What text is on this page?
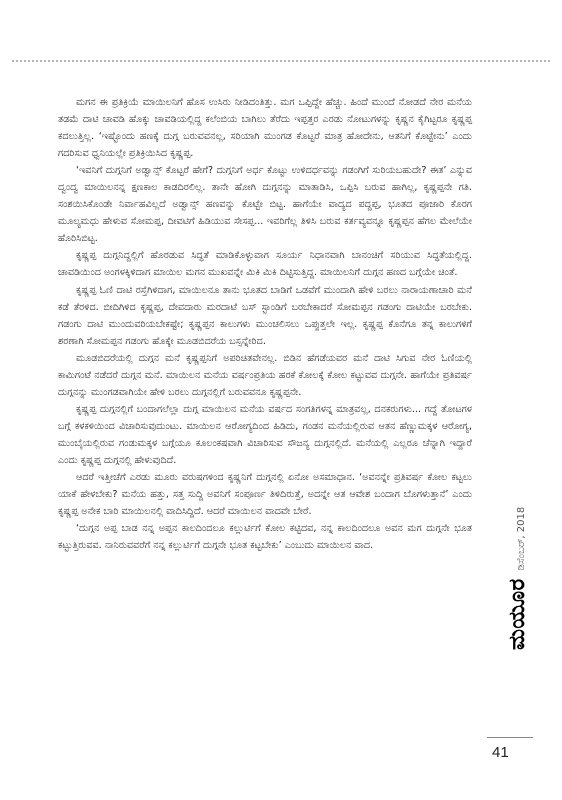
ಮಗನ ಈ ಪ್ರತಿಕ್ರಿಯೆ ಮಾಯಿಲನಿಗೆ ಹೊಸ ಉಸಿರು ನೀಡಿದಂತಿತ್ತು. ಮಗ ಒಪ್ಪಿದ್ದೇ ಹೆಚ್ಚು. ಹಿಂದೆ ಮುಂದೆ ನೋಡದೆ ನೇರ ಮನೆಯ ತಡಮೆ ದಾಟಿ ಚಾವಡಿ ಹೊಕ್ಕು ಚಾವಡಿಯಲ್ಲಿದ್ದ ಕಲೆಂಬಿಯ ಬಾಗಿಲು ತೆರೆದು ಇಪ್ಪತ್ತರ ಎರಡು ನೋಟುಗಳನ್ನು ಕೃಷ್ಣನ ಕೈಗಿಟ್ಟರೂ ಕೃಷ್ಣಪ್ಪ ಕದಲುತ್ತಿಲ್ಲ. ‘ಇಷ್ಟೊಂದು ಹಣಕ್ಕೆ ದುಗ್ಗ ಬರುವವನಲ್ಲ, ಸರಿಯಾಗಿ ಮುಂಗಡ ಕೊಟ್ಟರೆ ಮಾತ್ರ ಹೋದೇನು, ಆತನಿಗೆ ಕೊಟ್ಟೇನು’ ಎಂದು ಗದರಿಸುವ ಧ್ವನಿಯಲ್ಲೇ ಪ್ರತಿಕ್ರಿಯಿಸಿದ ಕೃಷ್ಣಪ್ಪ.

‘ಇವನಿಗೆ ದುಗ್ಗನಿಗೆ ಅಡ್ವಾನ್ಸ್ ಕೊಟ್ಟರೆ ಹೇಗೆ? ದುಗ್ಗನಿಗೆ ಅರ್ಧ ಕೊಟ್ಟು ಉಳಿದರ್ಧವನ್ನು ಗಡಂಗಿಗೆ ಸುರಿಯಬಹುದೇ? ಈತ’ ಎನ್ನುವ ದ್ವಂದ್ವ ಮಾಯಿಲನನ್ನ ಕ್ಷಣಕಾಲ ಕಾಡದಿರಲಿಲ್ಲ. ತಾನೇ ಹೋಗಿ ದುಗ್ಗನನ್ನು ಮಾತಾಡಿಸಿ, ಒಪ್ಪಿಸಿ ಬರುವ ಹಾಗಿಲ್ಲ, ಕೃಷ್ಣಪ್ಪನೇ ಗತಿ. ಸಂಶಯಿಸಿಕೊಂಡೇ ನಿರ್ವಾಹವಿಲ್ಲದೆ ಅಡ್ವಾನ್ಸ್ ಹಣವನ್ನು ಕೊಟ್ಟೇ ಬಿಟ್ಟ. ಹಾಗೆಯೇ ವಾದ್ಯದ ಪದ್ದಪ್ಪ, ಭೂತದ ಪೂಜಾರಿ ಕೊರಗ ಮೂಲ್ಯಮಧು ಹೇಳುವ ಸೋಮಪ್ಪ, ದೀವಟಿಗೆ ಹಿಡಿಯುವ ಸೇಸಪ್ಪ... ಇವರಿಗೆಲ್ಲ ತಿಳಿಸಿ ಬರುವ ಕರ್ತವ್ಯವನ್ನೂ ಕೃಷ್ಣಪ್ಪನ ಹೆಗಲ ಮೇಲೆಯೇ ಹೊರಿಸಿಬಿಟ್ಟ.

ಕೃಷ್ಣಪ್ಪ ದುಗ್ಗನಿದ್ದಲ್ಲಿಗೆ ಹೊರಡುವ ಸಿದ್ಧತೆ ಮಾಡಿಕೊಳ್ಳುವಾಗ ಸೂರ್ಯ ನಿಧಾನವಾಗಿ ಬಾನಂಚಿಗೆ ಸರಿಯುವ ಸಿದ್ಧತೆಯಲ್ಲಿದ್ದ. ಚಾವಡಿಯಿಂದ ಅಂಗಳಕ್ಕಿಳಿದಾಗ ಮಾಯಿಲ ಮಗನ ಮುಖವನ್ನೇ ಮಿಕಿ ಮಿಕಿ ದಿಟ್ಟಿಸುತ್ತಿದ್ದ. ಮಾಯಿಲನಿಗೆ ದುಗ್ಗನ ಹಣದ ಬಗ್ಗೆಯೇ ಚಿಂತೆ.

ಕೃಷ್ಣಪ್ಪ ಓಣಿ ದಾಟಿ ರಸ್ತೆಗಿಳಿದಾಗ, ಮಾಯಿಲನೂ ತಾನು ಭೂತದ ಬಾಡಿಗೆ ಒಡವೆಗೆ ಮುಂದಾಗಿ ಹೇಳಿ ಬರಲು ನಾರಾಯಣಾಚಾರಿ ಮನೆ ಕಡೆ ತೆರಳಿದ. ಬೀದಿಗಿಳಿದ ಕೃಷ್ಣಪ್ಪ, ದೇವದಾರು ಮರದಾಟೆ ಬಸ್ ಸ್ಟಾಂಡಿಗೆ ಬರಬೇಕಾದರೆ ಸೋಮಪ್ಪನ ಗಡಂಗು ದಾಟಿಯೇ ಬರಬೇಕು. ಗಡಂಗು ದಾಟಿ ಮುಂದುವರಿಯಬೇಕಷ್ಟೇ; ಕೃಷ್ಣಪ್ಪನ ಕಾಲುಗಳು ಮುಂಚಲಿಸಲು ಒಪ್ಪುತ್ತಲೇ ಇಲ್ಲ. ಕೃಷ್ಣಪ್ಪ ಕೊನೆಗೂ ತನ್ನ ಕಾಲುಗಳಿಗೆ ಶರಣಾಗಿ ಸೋಮಪ್ಪನ ಗಡಂಗು ಹೊಕ್ಕೇ ಮೂಡಬಿದರೆಯ ಬಸ್ಸನ್ನೇರಿದ.

ಮೂಡಬಿದರೆಯಲ್ಲಿ ದುಗ್ಗನ ಮನೆ ಕೃಷ್ಣಪ್ಪನಿಗೆ ಅಪರಿಚಿತವೇನಲ್ಲ. ಬಿಡಿನ ಹೆಗಡೆಯವರ ಮನೆ ದಾಟಿ ಸಿಗುವ ನೇರ ಓಣಿಯಲ್ಲಿ ಕಾಮಿಗಂಟೆ ನಡೆದರೆ ದುಗ್ಗನ ಮನೆ. ಮಾಯಿಲನ ಮನೆಯ ವರ್ಷಂಪ್ರತಿಯ ಹರಕೆ ಕೋಲಕ್ಕೆ ಕೋಲ ಕಟ್ಟುವವ ದುಗ್ಗನೇ. ಹಾಗೆಯೇ ಪ್ರತಿವರ್ಷ ದುಗ್ಗನನ್ನು ಮುಂಗಡವಾಗಿಯೇ ಹೇಳಿ ಬರಲು ದುಗ್ಗನಲ್ಲಿಗೆ ಬರುವವನೂ ಕೃಷ್ಣಪ್ಪನೇ.

ಕೃಷ್ಣಪ್ಪ ದುಗ್ಗನಲ್ಲಿಗೆ ಬಂದಾಗಲೆಲ್ಲಾ ದುಗ್ಗ ಮಾಯಿಲನ ಮನೆಯ ವರ್ಷದ ಸಂಗತಿಗಳನ್ನ ಮಾತ್ರವಲ್ಲ, ದನಕರುಗಳು... ಗದ್ದೆ ತೋಟಗಳ ಬಗ್ಗೆ ಕಳಕಳಿಯಿಂದ ವಿಚಾರಿಸುವುದುಂಟು. ಮಾಯಿಲನ ಆರೋಗ್ಯದಿಂದ ಹಿಡಿದು, ಗಂಡನ ಮನೆಯಲ್ಲಿರುವ ಆತನ ಹೆಣ್ಣುಮಕ್ಕಳ ಆರೋಗ್ಯ, ಮುಂಬೈಯಲ್ಲಿರುವ ಗಂಡುಮಕ್ಕಳ ಬಗ್ಗೆಯೂ ಕೂಲಂಕಷವಾಗಿ ವಿಚಾರಿಸುವ ಸೌಜನ್ಯ ದುಗ್ಗನಲ್ಲಿದೆ. ಮನೆಯಲ್ಲಿ ಎಲ್ಲರೂ ಚೆನ್ನಾಗಿ ಇದ್ದಾರೆ ಎಂದು ಕೃಷ್ಣಪ್ಪ ದುಗ್ಗನಲ್ಲಿ ಹೇಳುವುದಿದೆ.

ಆದರೆ ಇತ್ತೀಚೆಗೆ ಎರಡು ಮೂರು ವರುಷಗಳಿಂದ ಕೃಷ್ಣನಿಗೆ ದುಗ್ಗನಲ್ಲಿ ಏನೋ ಅಸಮಾಧಾನ. ‘ಅವನನ್ನೇ ಪ್ರತಿವರ್ಷ ಕೋಲ ಕಟ್ಟಲು ಯಾಕೆ ಹೇಳಬೇಕು? ಮನೆಯ ಹತ್ತು, ಸತ್ತ ಸುದ್ದಿ ಅವನಿಗೆ ಸಂಪೂರ್ಣ ತಿಳಿದಿರುತ್ತೆ, ಅದನ್ನೇ ಆತ ಆವೇಶ ಬಂದಾಗ ಬೊಗಳುತ್ತಾನೆ’ ಎಂದು ಕೃಷ್ಣಪ್ಪ ಅನೇಕ ಬಾರಿ ಮಾಯಿಲನಲ್ಲಿ ವಾದಿಸಿದ್ದಿದೆ. ಆದರೆ ಮಾಯಿಲನ ವಾದವೇ ಬೇರೆ.

‘ದುಗ್ಗನ ಅಪ್ಪ ಬಾಡ ನನ್ನ ಅಪ್ಪನ ಕಾಲದಿಂದಲೂ ಕಲ್ಲುರ್ಟಿಗೆ ಕೋಲ ಕಟ್ಟಿದವ, ನನ್ನ ಕಾಲದಿಂದಲೂ ಅವನ ಮಗ ದುಗ್ಗನೇ ಭೂತ ಕಟ್ಟುತ್ತಿರುವವ. ನಾನಿರುವವರೆಗೆ ನನ್ನ ಕಲ್ಲುರ್ಟಿಗೆ ದುಗ್ಗನೇ ಭೂತ ಕಟ್ಟಬೇಕು’ ಎಂಬುದು ಮಾಯಿಲನ ವಾದ.

ಮಯೂರ
ಡಿಸೆಂಬರ್, 2018
41
